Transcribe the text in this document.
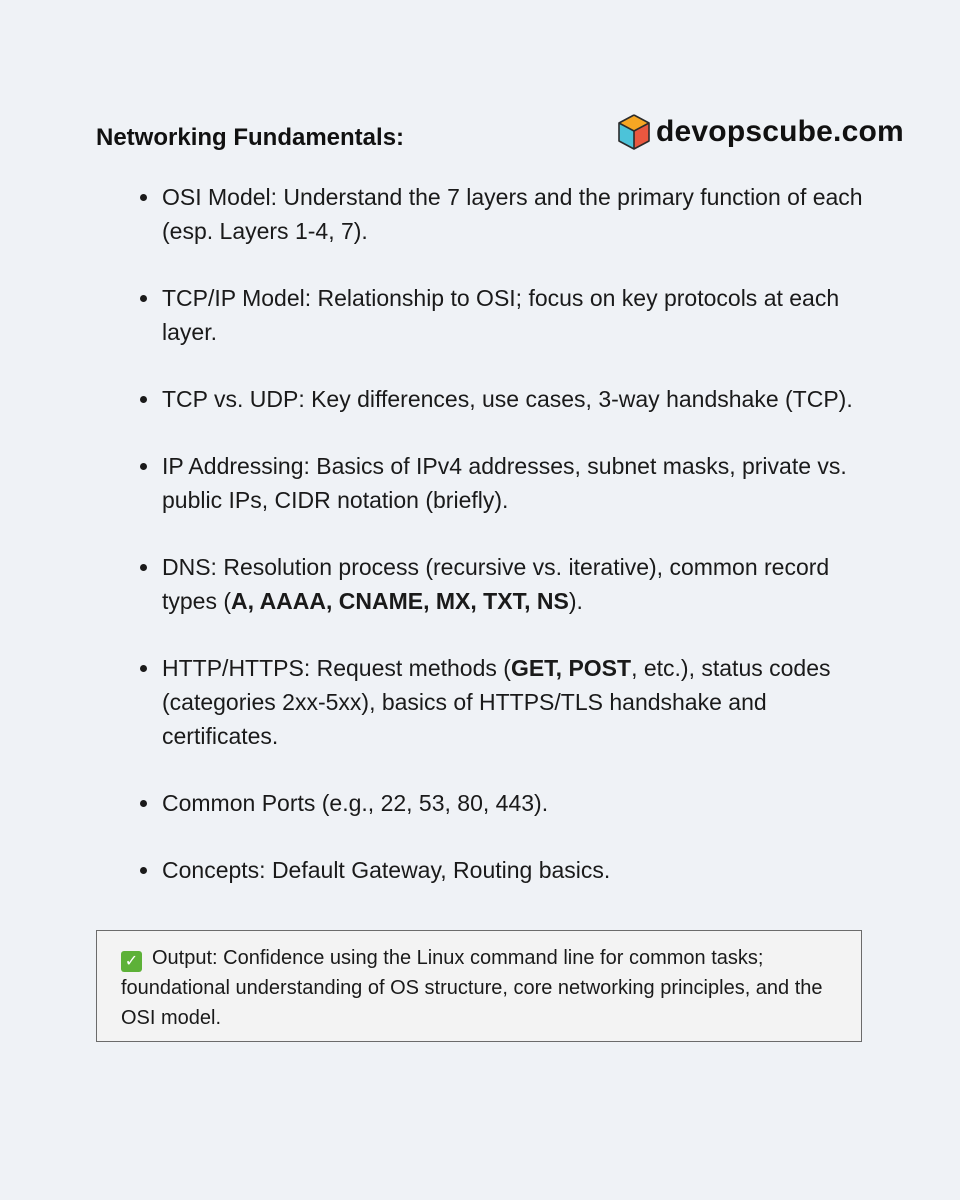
Networking Fundamentals:	devopscube.com
OSI Model: Understand the 7 layers and the primary function of each (esp. Layers 1-4, 7).
TCP/IP Model: Relationship to OSI; focus on key protocols at each layer.
TCP vs. UDP: Key differences, use cases, 3-way handshake (TCP).
IP Addressing: Basics of IPv4 addresses, subnet masks, private vs. public IPs, CIDR notation (briefly).
DNS: Resolution process (recursive vs. iterative), common record types (A, AAAA, CNAME, MX, TXT, NS).
HTTP/HTTPS: Request methods (GET, POST, etc.), status codes (categories 2xx-5xx), basics of HTTPS/TLS handshake and certificates.
Common Ports (e.g., 22, 53, 80, 443).
Concepts: Default Gateway, Routing basics.
✓ Output: Confidence using the Linux command line for common tasks; foundational understanding of OS structure, core networking principles, and the OSI model.
